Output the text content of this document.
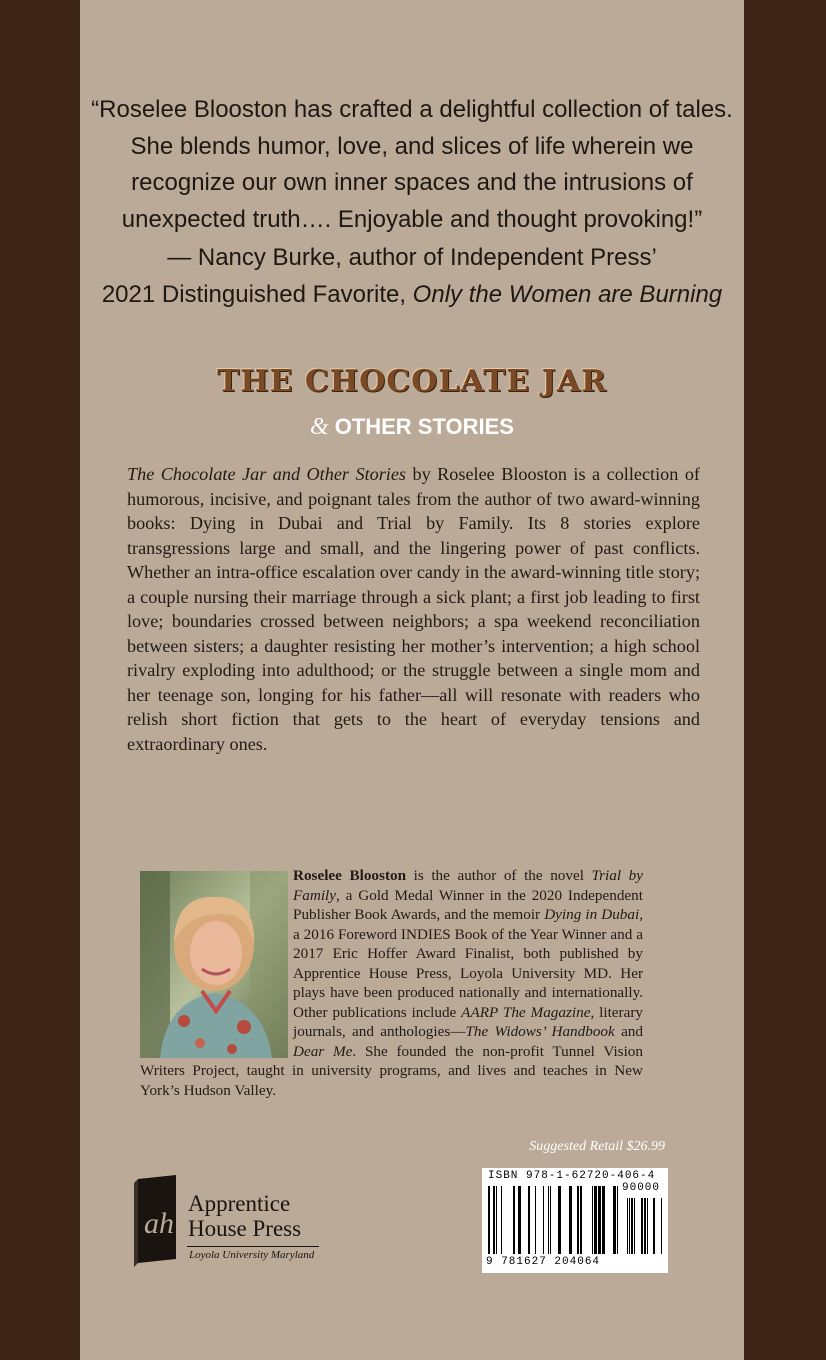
“Roselee Blooston has crafted a delightful collection of tales.

She blends humor, love, and slices of life wherein we

recognize our own inner spaces and the intrusions of

unexpected truth…. Enjoyable and thought provoking!”

— Nancy Burke, author of Independent Press’

2021 Distinguished Favorite, Only the Women are Burning

THE CHOCOLATE JAR
& OTHER STORIES

The Chocolate Jar and Other Stories by Roselee Blooston is a collection of humorous, incisive, and poignant tales from the author of two award-winning books: Dying in Dubai and Trial by Family. Its 8 stories explore transgressions large and small, and the lingering power of past conflicts. Whether an intra-office escalation over candy in the award-winning title story; a couple nursing their marriage through a sick plant; a first job leading to first love; boundaries crossed between neighbors; a spa weekend reconciliation between sisters; a daughter resisting her mother’s intervention; a high school rivalry exploding into adulthood; or the struggle between a single mom and her teenage son, longing for his father—all will resonate with readers who relish short fiction that gets to the heart of everyday tensions and extraordinary ones.

Roselee Blooston is the author of the novel Trial by Family, a Gold Medal Winner in the 2020 Independent Publisher Book Awards, and the memoir Dying in Dubai, a 2016 Foreword INDIES Book of the Year Winner and a 2017 Eric Hoffer Award Finalist, both published by Apprentice House Press, Loyola University MD. Her plays have been produced nationally and internationally. Other publications include AARP The Magazine, literary journals, and anthologies—The Widows’ Handbook and Dear Me. She founded the non-profit Tunnel Vision Writers Project, taught in university programs, and lives and teaches in New York’s Hudson Valley.

Suggested Retail $26.99
ISBN 978-1-62720-406-4
90000
9 781627 204064
ah
Apprentice
House Press
Loyola University Maryland
